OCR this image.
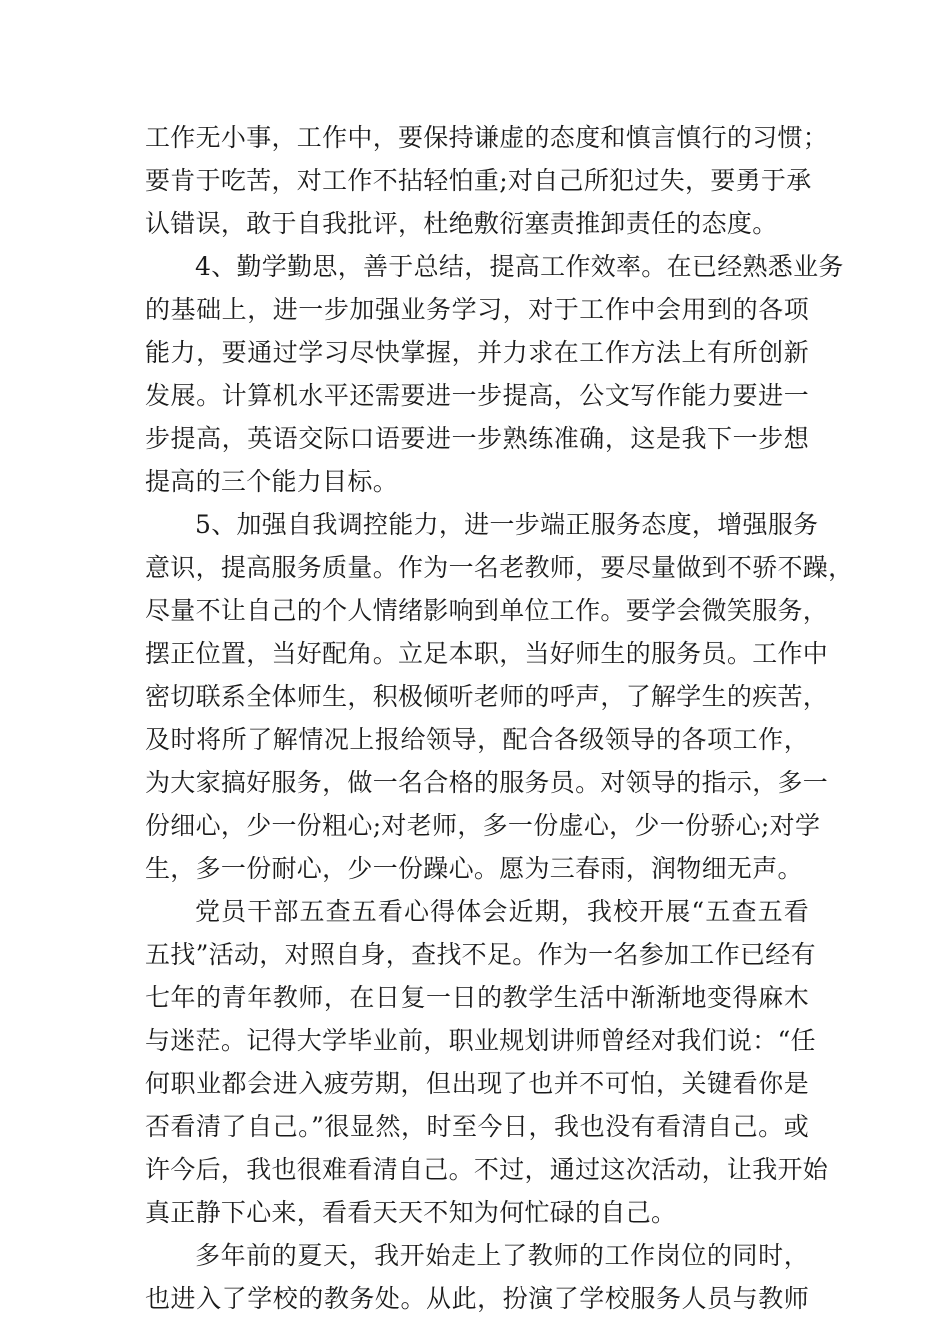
工作无小事，工作中，要保持谦虚的态度和慎言慎行的习惯；
要肯于吃苦，对工作不拈轻怕重;对自己所犯过失，要勇于承
认错误，敢于自我批评，杜绝敷衍塞责推卸责任的态度。
4、勤学勤思，善于总结，提高工作效率。在已经熟悉业务
的基础上，进一步加强业务学习，对于工作中会用到的各项
能力，要通过学习尽快掌握，并力求在工作方法上有所创新
发展。计算机水平还需要进一步提高，公文写作能力要进一
步提高，英语交际口语要进一步熟练准确，这是我下一步想
提高的三个能力目标。
5、加强自我调控能力，进一步端正服务态度，增强服务
意识，提高服务质量。作为一名老教师，要尽量做到不骄不躁，
尽量不让自己的个人情绪影响到单位工作。要学会微笑服务，
摆正位置，当好配角。立足本职，当好师生的服务员。工作中
密切联系全体师生，积极倾听老师的呼声，了解学生的疾苦，
及时将所了解情况上报给领导，配合各级领导的各项工作，
为大家搞好服务，做一名合格的服务员。对领导的指示，多一
份细心，少一份粗心;对老师，多一份虚心，少一份骄心;对学
生，多一份耐心，少一份躁心。愿为三春雨，润物细无声。
党员干部五查五看心得体会近期，我校开展“五查五看
五找”活动，对照自身，查找不足。作为一名参加工作已经有
七年的青年教师，在日复一日的教学生活中渐渐地变得麻木
与迷茫。记得大学毕业前，职业规划讲师曾经对我们说：“任
何职业都会进入疲劳期，但出现了也并不可怕，关键看你是
否看清了自己。”很显然，时至今日，我也没有看清自己。或
许今后，我也很难看清自己。不过，通过这次活动，让我开始
真正静下心来，看看天天不知为何忙碌的自己。
多年前的夏天，我开始走上了教师的工作岗位的同时，
也进入了学校的教务处。从此，扮演了学校服务人员与教师
